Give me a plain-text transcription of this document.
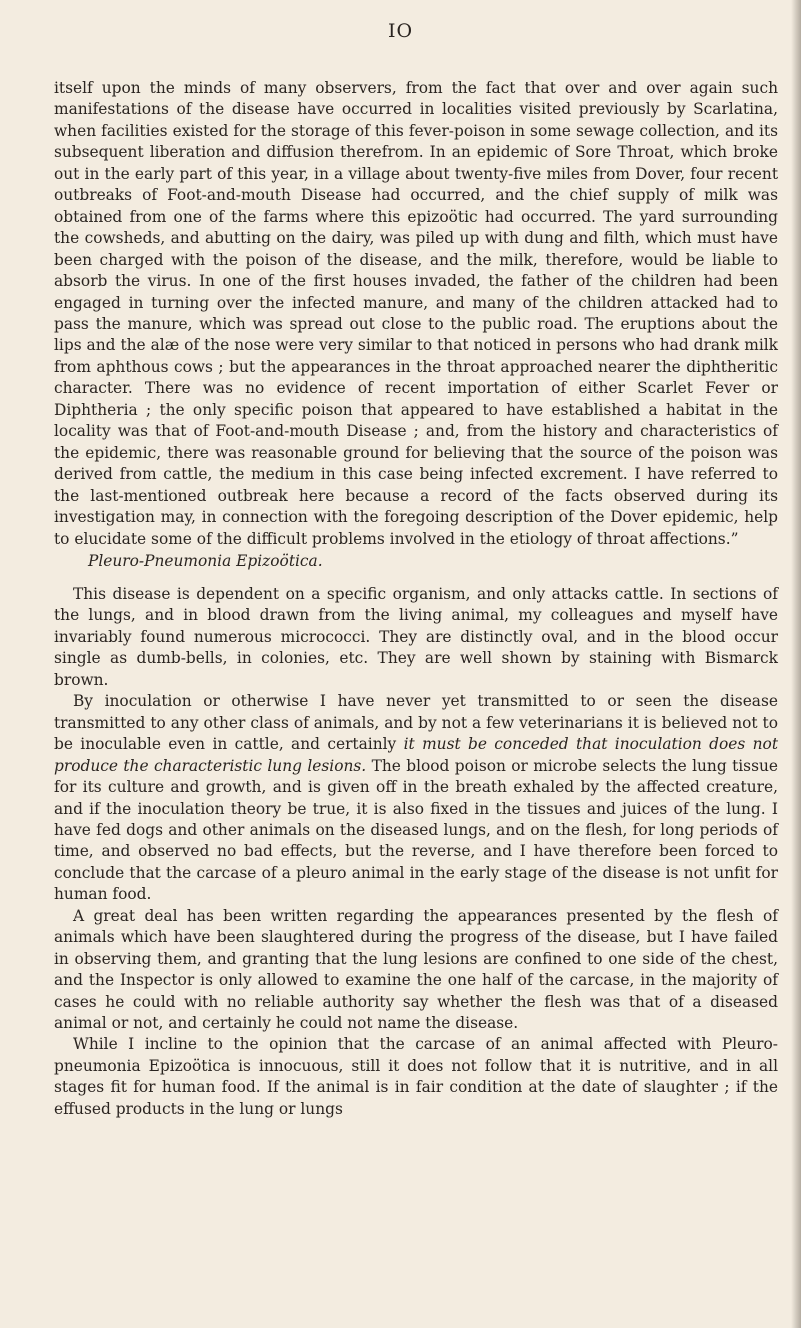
IO

itself upon the minds of many observers, from the fact that over and over again such manifestations of the disease have occurred in localities visited previously by Scarlatina, when facilities existed for the storage of this fever-poison in some sewage collection, and its subsequent liberation and diffusion therefrom. In an epidemic of Sore Throat, which broke out in the early part of this year, in a village about twenty-five miles from Dover, four recent outbreaks of Foot-and-mouth Disease had occurred, and the chief supply of milk was obtained from one of the farms where this epizoötic had occurred. The yard surrounding the cowsheds, and abutting on the dairy, was piled up with dung and filth, which must have been charged with the poison of the disease, and the milk, therefore, would be liable to absorb the virus. In one of the first houses invaded, the father of the children had been engaged in turning over the infected manure, and many of the children attacked had to pass the manure, which was spread out close to the public road. The eruptions about the lips and the alæ of the nose were very similar to that noticed in persons who had drank milk from aphthous cows ; but the appearances in the throat approached nearer the diphtheritic character. There was no evidence of recent importation of either Scarlet Fever or Diphtheria ; the only specific poison that appeared to have established a habitat in the locality was that of Foot-and-mouth Disease ; and, from the history and characteristics of the epidemic, there was reasonable ground for believing that the source of the poison was derived from cattle, the medium in this case being infected excrement. I have referred to the last-mentioned outbreak here because a record of the facts observed during its investigation may, in connection with the foregoing description of the Dover epidemic, help to elucidate some of the difficult problems involved in the etiology of throat affections.”

Pleuro-Pneumonia Epizoötica.

This disease is dependent on a specific organism, and only attacks cattle. In sections of the lungs, and in blood drawn from the living animal, my colleagues and myself have invariably found numerous micrococci. They are distinctly oval, and in the blood occur single as dumb-bells, in colonies, etc. They are well shown by staining with Bismarck brown.

By inoculation or otherwise I have never yet transmitted to or seen the disease transmitted to any other class of animals, and by not a few veterinarians it is believed not to be inoculable even in cattle, and certainly it must be conceded that inoculation does not produce the characteristic lung lesions. The blood poison or microbe selects the lung tissue for its culture and growth, and is given off in the breath exhaled by the affected creature, and if the inoculation theory be true, it is also fixed in the tissues and juices of the lung. I have fed dogs and other animals on the diseased lungs, and on the flesh, for long periods of time, and observed no bad effects, but the reverse, and I have therefore been forced to conclude that the carcase of a pleuro animal in the early stage of the disease is not unfit for human food.

A great deal has been written regarding the appearances presented by the flesh of animals which have been slaughtered during the progress of the disease, but I have failed in observing them, and granting that the lung lesions are confined to one side of the chest, and the Inspector is only allowed to examine the one half of the carcase, in the majority of cases he could with no reliable authority say whether the flesh was that of a diseased animal or not, and certainly he could not name the disease.

While I incline to the opinion that the carcase of an animal affected with Pleuro-pneumonia Epizoötica is innocuous, still it does not follow that it is nutritive, and in all stages fit for human food. If the animal is in fair condition at the date of slaughter ; if the effused products in the lung or lungs
